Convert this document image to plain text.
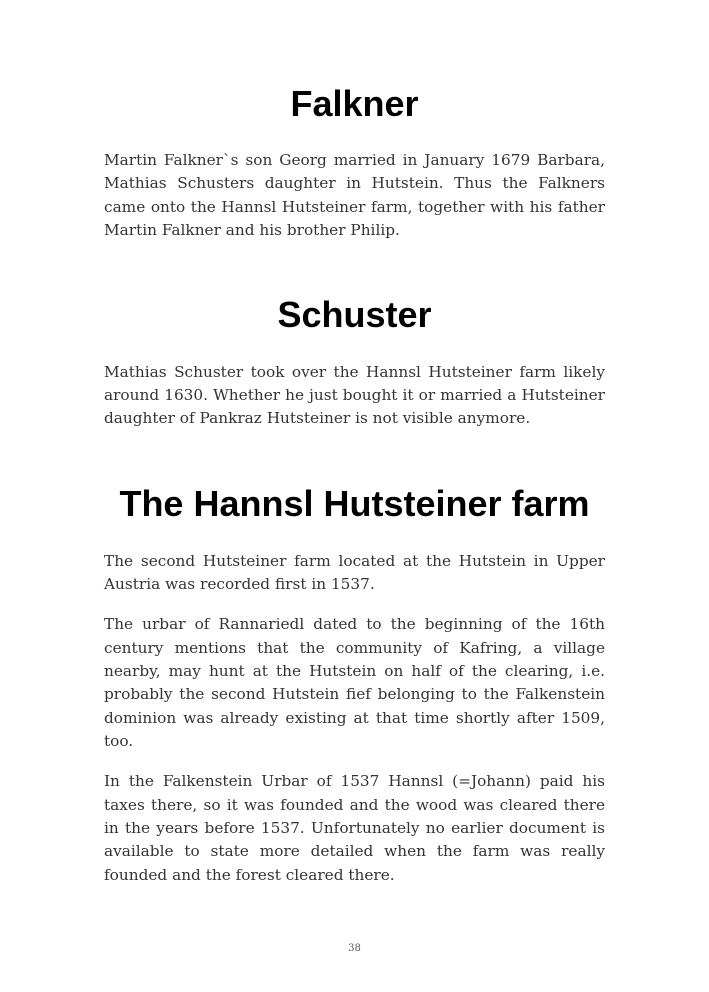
Falkner

Martin Falkner`s son Georg married in January 1679 Barbara, Mathias Schusters daughter in Hutstein. Thus the Falkners came onto the Hannsl Hutsteiner farm, together with his father Martin Falkner and his brother Philip.

Schuster

Mathias Schuster took over the Hannsl Hutsteiner farm likely around 1630. Whether he just bought it or married a Hutsteiner daughter of Pankraz Hutsteiner is not visible anymore.

The Hannsl Hutsteiner farm

The second Hutsteiner farm located at the Hutstein in Upper Austria was recorded first in 1537.

The urbar of Rannariedl dated to the beginning of the 16th century mentions that the community of Kafring, a village nearby, may hunt at the Hutstein on half of the clearing, i.e. probably the second Hutstein fief belonging to the Falkenstein dominion was already existing at that time shortly after 1509, too.

In the Falkenstein Urbar of 1537 Hannsl (=Johann) paid his taxes there, so it was founded and the wood was cleared there in the years before 1537. Unfortunately no earlier document is available to state more detailed when the farm was really founded and the forest cleared there.

38
